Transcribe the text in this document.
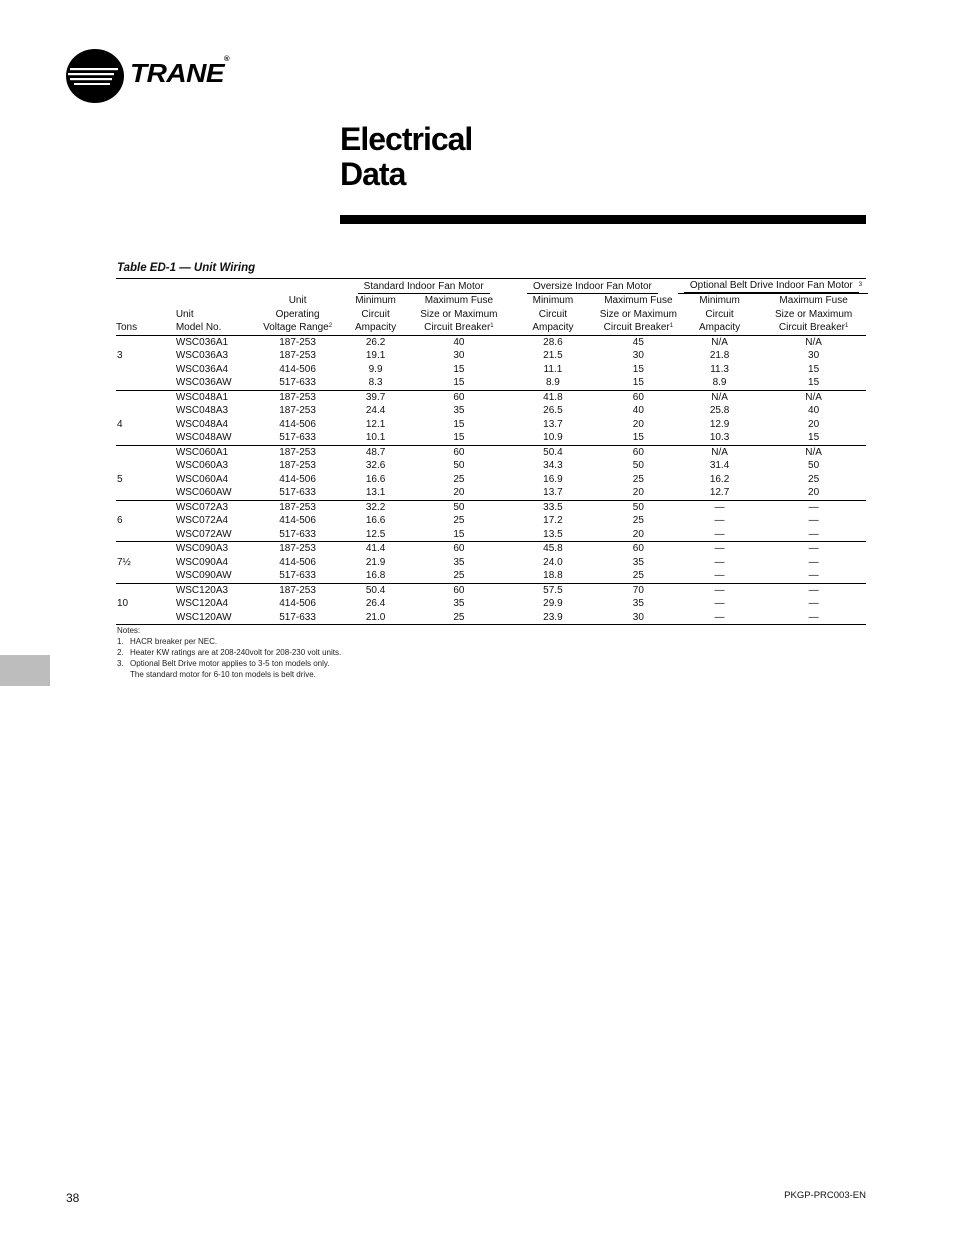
TRANE®
Electrical
Data
Table ED-1 — Unit Wiring
			Standard Indoor Fan Motor		Oversize Indoor Fan Motor		Optional Belt Drive Indoor Fan Motor $^3$
		Unit	Minimum	Maximum Fuse	Minimum	Maximum Fuse	Minimum	Maximum Fuse
	Unit	Operating	Circuit	Size or Maximum	Circuit	Size or Maximum	Circuit	Size or Maximum
Tons	Model No.	Voltage Range$^2$	Ampacity	Circuit Breaker$^1$	Ampacity	Circuit Breaker$^1$	Ampacity	Circuit Breaker$^1$
	WSC036A1	187-253	26.2	40	28.6	45	N/A	N/A
3	WSC036A3	187-253	19.1	30	21.5	30	21.8	30
	WSC036A4	414-506	9.9	15	11.1	15	11.3	15
	WSC036AW	517-633	8.3	15	8.9	15	8.9	15
	WSC048A1	187-253	39.7	60	41.8	60	N/A	N/A
	WSC048A3	187-253	24.4	35	26.5	40	25.8	40
4	WSC048A4	414-506	12.1	15	13.7	20	12.9	20
	WSC048AW	517-633	10.1	15	10.9	15	10.3	15
	WSC060A1	187-253	48.7	60	50.4	60	N/A	N/A
	WSC060A3	187-253	32.6	50	34.3	50	31.4	50
5	WSC060A4	414-506	16.6	25	16.9	25	16.2	25
	WSC060AW	517-633	13.1	20	13.7	20	12.7	20
	WSC072A3	187-253	32.2	50	33.5	50	—	—
6	WSC072A4	414-506	16.6	25	17.2	25	—	—
	WSC072AW	517-633	12.5	15	13.5	20	—	—
	WSC090A3	187-253	41.4	60	45.8	60	—	—
7½	WSC090A4	414-506	21.9	35	24.0	35	—	—
	WSC090AW	517-633	16.8	25	18.8	25	—	—
	WSC120A3	187-253	50.4	60	57.5	70	—	—
10	WSC120A4	414-506	26.4	35	29.9	35	—	—
	WSC120AW	517-633	21.0	25	23.9	30	—	—
Notes:
1. HACR breaker per NEC.
2. Heater KW ratings are at 208-240volt for 208-230 volt units.
3. Optional Belt Drive motor applies to 3-5 ton models only.
The standard motor for 6-10 ton models is belt drive.
38	PKGP-PRC003-EN
